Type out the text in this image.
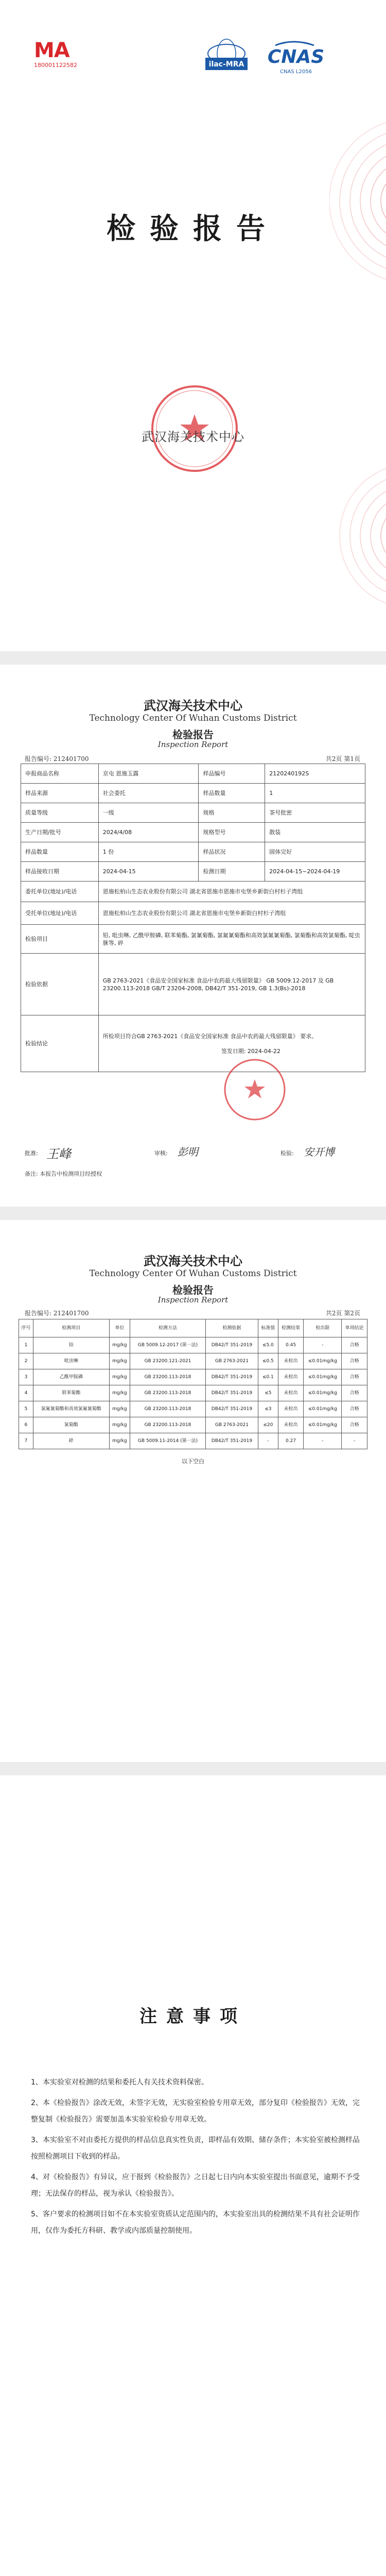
MA
180001122582	ilac-MRA CNAS
CNAS L2056
检验报告
武汉海关技术中心
武汉海关技术中心
Technology Center Of Wuhan Customs District
检验报告
Inspection Report
报告编号: 212401700	共2页 第1页
申报商品名称	京屯 恩施玉露	样品编号	2120240192S
样品来源	社会委托	样品数量	1
质量等级	一级	规格	茶号批密
生产日期/批号	2024/4/08	规格型号	散装
样品数量	1 份	样品状况	固体完好
样品接收日期	2024-04-15	检测日期	2024-04-15~2024-04-19
委托单位(地址)/电话	恩施松柏山生态农业股份有限公司 湖北省恩施市恩施市屯堡乡新街白村杉子湾组		
受托单位(地址)/电话	恩施松柏山生态农业股份有限公司 湖北省恩施市屯堡乡新街白村杉子湾组		
检验项目	铅, 吡虫啉, 乙酰甲胺磷, 联苯菊酯, 氯氰菊酯, 氯氟氰菊酯和高效氯氟氰菊酯, 氯菊酯和高效氯菊酯, 啶虫脒等, 碎		
检验依据	GB 2763-2021《食品安全国家标准 食品中农药最大残留限量》 GB 5009.12-2017 及 GB 23200.113-2018 GB/T 23204-2008, DB42/T 351-2019, GB 1.3(Bs)-2018		
检验结论	所检项目符合GB 2763-2021《食品安全国家标准 食品中农药最大残留限量》 要求。
签发日期: 2024-04-22		
批准: 王峰	审核: 彭明	检验: 安开博
备注: 本报告中检测项目经授权
武汉海关技术中心
Technology Center Of Wuhan Customs District
检验报告
Inspection Report
报告编号: 212401700	共2页 第2页
序号	检测项目	单位	检测方法	检测依据	标准值	检测结果	检出限	单项结论
1	铅	mg/kg	GB 5009.12-2017 (第一法)	DB42/T 351-2019	≤5.0	0.45	-	合格
2	吡虫啉	mg/kg	GB 23200.121-2021	GB 2763-2021	≤0.5	未检出	≤0.01mg/kg	合格
3	乙酰甲胺磷	mg/kg	GB 23200.113-2018	DB42/T 351-2019	≤0.1	未检出	≤0.01mg/kg	合格
4	联苯菊酯	mg/kg	GB 23200.113-2018	DB42/T 351-2019	≤5	未检出	≤0.01mg/kg	合格
5	氯氟氰菊酯和高效氯氟氰菊酯	mg/kg	GB 23200.113-2018	DB42/T 351-2019	≤3	未检出	≤0.01mg/kg	合格
6	氯菊酯	mg/kg	GB 23200.113-2018	GB 2763-2021	≤20	未检出	≤0.01mg/kg	合格
7	碎	mg/kg	GB 5009.11-2014 (第一法)	DB42/T 351-2019	-	0.27	-	-
以下空白
注意事项

1、本实验室对检测的结果和委托人有关技术资料保密。

2、本《检验报告》涂改无效，未签字无效，无实验室检验专用章无效，部分复印《检验报告》无效，完整复制《检验报告》需要加盖本实验室检验专用章无效。

3、本实验室不对由委托方提供的样品信息真实性负责，即样品有效期、储存条件；本实验室被检测样品按照检测项目下收到的样品。

4、对《检验报告》有异议，应于报到《检验报告》之日起七日内向本实验室提出书面意见，逾期不予受理；无法保存的样品，视为承认《检验报告》。

5、客户要求的检测项目如不在本实验室资质认定范围内的，本实验室出具的检测结果不具有社会证明作用，仅作为委托方科研、教学或内部质量控制使用。
